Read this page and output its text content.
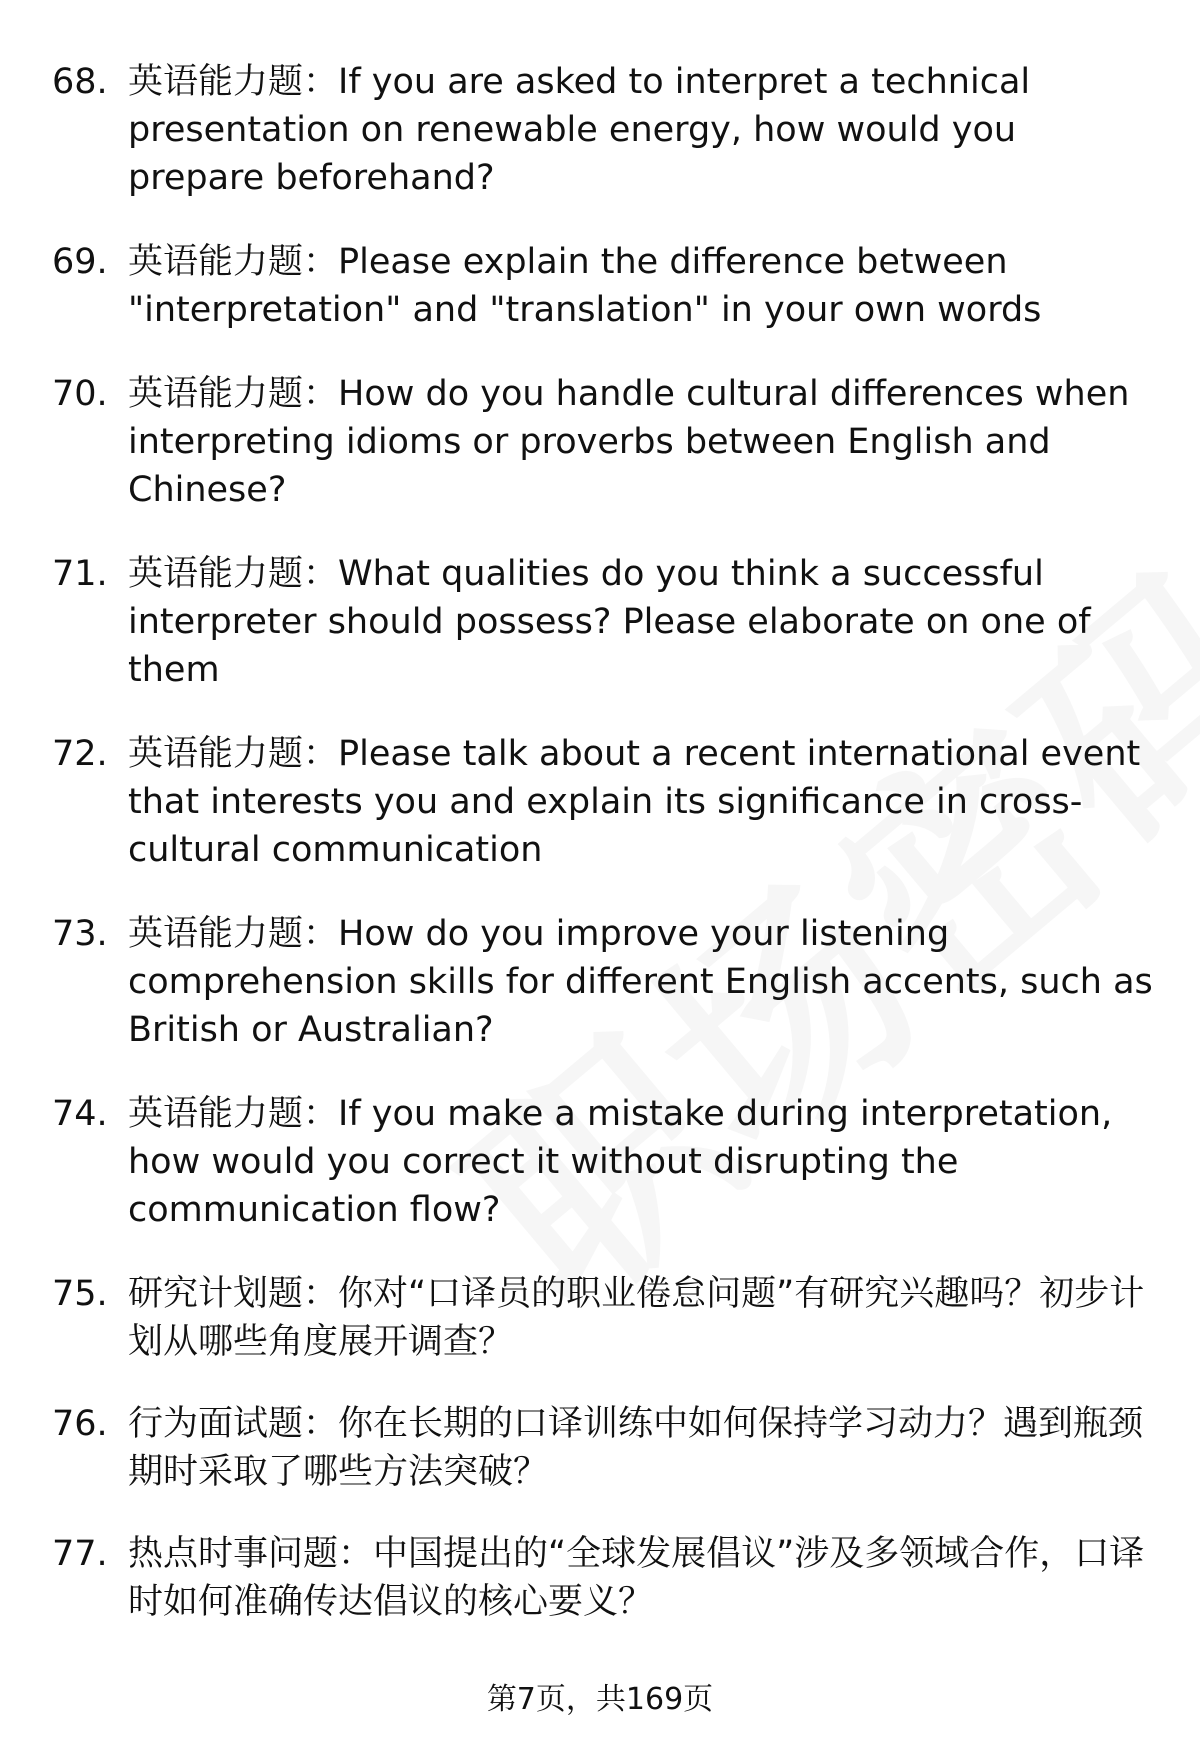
68. 英语能力题：If you are asked to interpret a technical presentation on renewable energy, how would you prepare beforehand?
69. 英语能力题：Please explain the difference between "interpretation" and "translation" in your own words
70. 英语能力题：How do you handle cultural differences when interpreting idioms or proverbs between English and Chinese?
71. 英语能力题：What qualities do you think a successful interpreter should possess? Please elaborate on one of them
72. 英语能力题：Please talk about a recent international event that interests you and explain its significance in cross-cultural communication
73. 英语能力题：How do you improve your listening comprehension skills for different English accents, such as British or Australian?
74. 英语能力题：If you make a mistake during interpretation, how would you correct it without disrupting the communication flow?
75. 研究计划题：你对“口译员的职业倦怠问题”有研究兴趣吗？初步计划从哪些角度展开调查？
76. 行为面试题：你在长期的口译训练中如何保持学习动力？遇到瓶颈期时采取了哪些方法突破？
77. 热点时事问题：中国提出的“全球发展倡议”涉及多领域合作，口译时如何准确传达倡议的核心要义？
第7页，共169页
